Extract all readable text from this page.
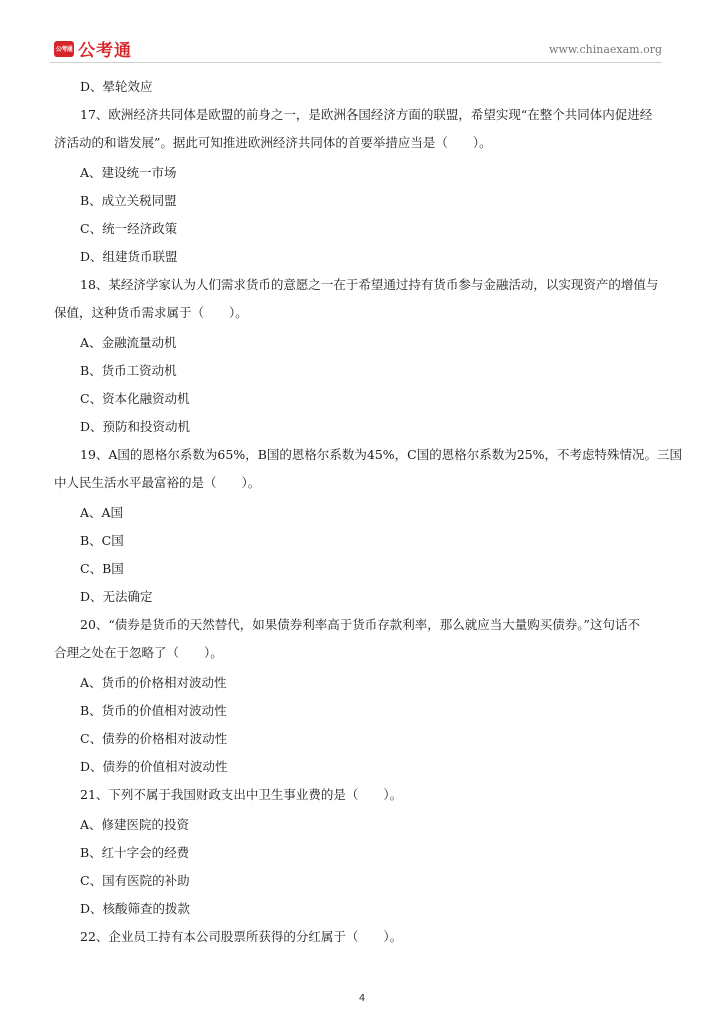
公考通 公考通	www.chinaexam.org
D、晕轮效应
17、欧洲经济共同体是欧盟的前身之一，是欧洲各国经济方面的联盟，希望实现“在整个共同体内促进经
济活动的和谐发展”。据此可知推进欧洲经济共同体的首要举措应当是（　　）。
A、建设统一市场
B、成立关税同盟
C、统一经济政策
D、组建货币联盟
18、某经济学家认为人们需求货币的意愿之一在于希望通过持有货币参与金融活动，以实现资产的增值与
保值，这种货币需求属于（　　）。
A、金融流量动机
B、货币工资动机
C、资本化融资动机
D、预防和投资动机
19、A国的恩格尔系数为65%，B国的恩格尔系数为45%，C国的恩格尔系数为25%，不考虑特殊情况。三国
中人民生活水平最富裕的是（　　）。
A、A国
B、C国
C、B国
D、无法确定
20、“债券是货币的天然替代，如果债券利率高于货币存款利率，那么就应当大量购买债券。”这句话不
合理之处在于忽略了（　　）。
A、货币的价格相对波动性
B、货币的价值相对波动性
C、债券的价格相对波动性
D、债券的价值相对波动性
21、下列不属于我国财政支出中卫生事业费的是（　　）。
A、修建医院的投资
B、红十字会的经费
C、国有医院的补助
D、核酸筛查的拨款
22、企业员工持有本公司股票所获得的分红属于（　　）。
4
